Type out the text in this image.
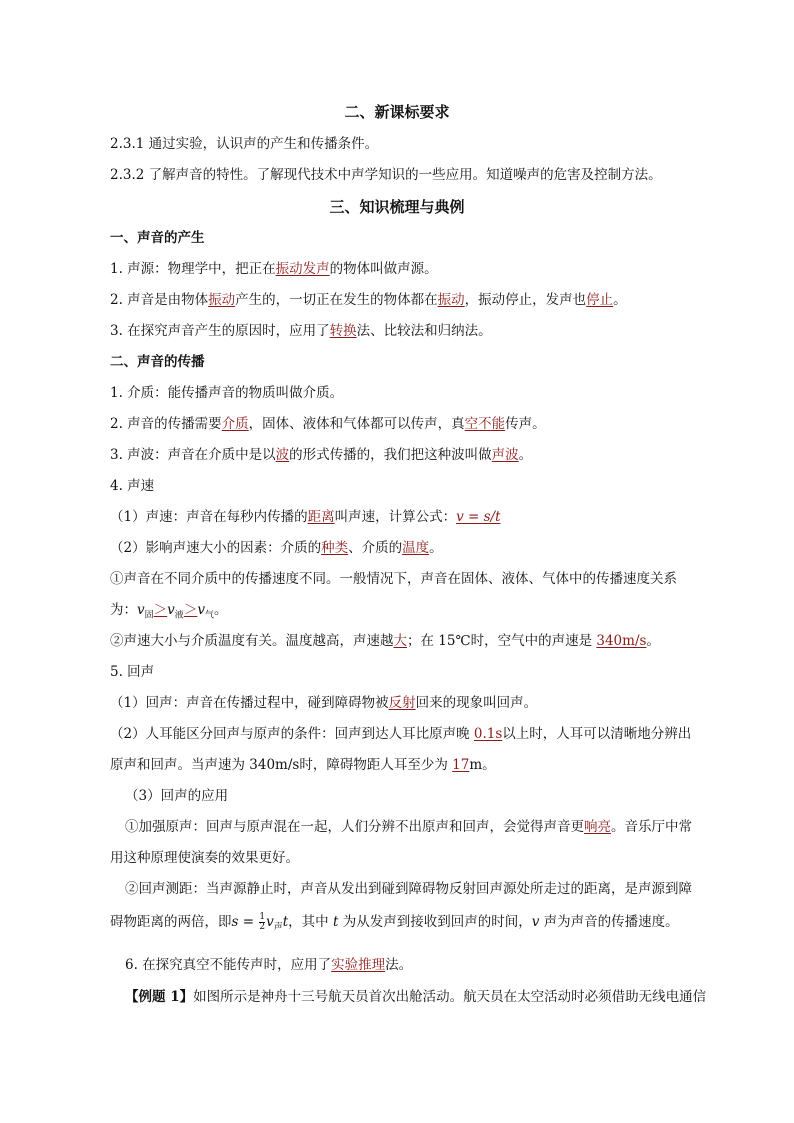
二、新课标要求
2.3.1 通过实验，认识声的产生和传播条件。
2.3.2 了解声音的特性。了解现代技术中声学知识的一些应用。知道噪声的危害及控制方法。
三、知识梳理与典例
一、声音的产生
1. 声源：物理学中，把正在振动发声的物体叫做声源。
2. 声音是由物体振动产生的，一切正在发生的物体都在振动，振动停止，发声也停止。
3. 在探究声音产生的原因时，应用了转换法、比较法和归纳法。
二、声音的传播
1. 介质：能传播声音的物质叫做介质。
2. 声音的传播需要介质，固体、液体和气体都可以传声，真空不能传声。
3. 声波：声音在介质中是以波的形式传播的，我们把这种波叫做声波。
4. 声速
（1）声速：声音在每秒内传播的距离叫声速，计算公式：v = s/t
（2）影响声速大小的因素：介质的种类、介质的温度。
①声音在不同介质中的传播速度不同。一般情况下，声音在固体、液体、气体中的传播速度关系
为：$v_固>v_液>v_气$。
②声速大小与介质温度有关。温度越高，声速越大；在 15℃时，空气中的声速是 340m/s。
5. 回声
（1）回声：声音在传播过程中，碰到障碍物被反射回来的现象叫回声。
（2）人耳能区分回声与原声的条件：回声到达人耳比原声晚 0.1s以上时，人耳可以清晰地分辨出
原声和回声。当声速为 340m/s时，障碍物距人耳至少为 17m。
（3）回声的应用
①加强原声：回声与原声混在一起，人们分辨不出原声和回声，会觉得声音更响亮。音乐厅中常
用这种原理使演奏的效果更好。
②回声测距：当声源静止时，声音从发出到碰到障碍物反射回声源处所走过的距离，是声源到障
碍物距离的两倍，即$s = \frac{1}{2} v_声t$，其中 t 为从发声到接收到回声的时间，v 声为声音的传播速度。
6. 在探究真空不能传声时，应用了实验推理法。
【例题 1】如图所示是神舟十三号航天员首次出舱活动。航天员在太空活动时必须借助无线电通信
